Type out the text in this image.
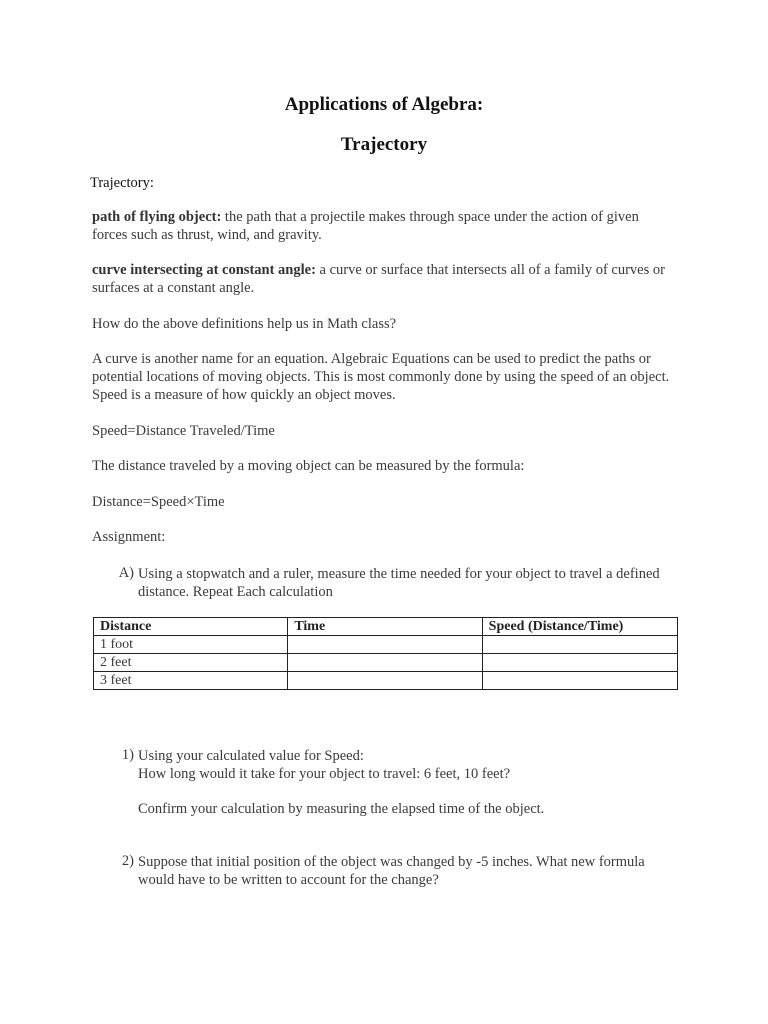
Applications of Algebra:
Trajectory
Trajectory:
path of flying object: the path that a projectile makes through space under the action of given forces such as thrust, wind, and gravity.
curve intersecting at constant angle: a curve or surface that intersects all of a family of curves or surfaces at a constant angle.
How do the above definitions help us in Math class?
A curve is another name for an equation. Algebraic Equations can be used to predict the paths or potential locations of moving objects. This is most commonly done by using the speed of an object. Speed is a measure of how quickly an object moves.
Speed=Distance Traveled/Time
The distance traveled by a moving object can be measured by the formula:
Distance=Speed×Time
Assignment:
A) Using a stopwatch and a ruler, measure the time needed for your object to travel a defined distance. Repeat Each calculation
Distance	Time	Speed (Distance/Time)
1 foot		
2 feet		
3 feet		
1) Using your calculated value for Speed:
How long would it take for your object to travel: 6 feet, 10 feet?
Confirm your calculation by measuring the elapsed time of the object.
2) Suppose that initial position of the object was changed by -5 inches. What new formula would have to be written to account for the change?
